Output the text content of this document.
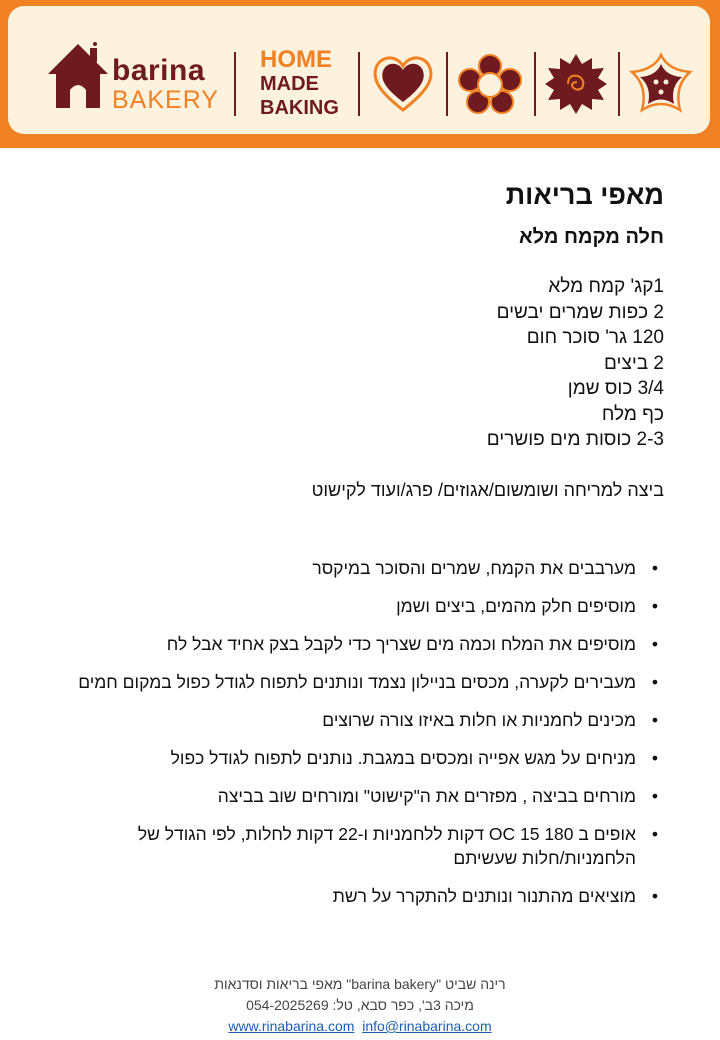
barina
BAKERY
HOME
MADE
BAKING
מאפי בריאות
חלה מקמח מלא
1קג' קמח מלא
2 כפות שמרים יבשים
120 גר' סוכר חום
2 ביצים
3/4 כוס שמן
כף מלח
2-3 כוסות מים פושרים
ביצה למריחה ושומשום/אגוזים/ פרג/ועוד לקישוט
•
מערבבים את הקמח, שמרים והסוכר במיקסר
•
מוסיפים חלק מהמים, ביצים ושמן
•
מוסיפים את המלח וכמה מים שצריך כדי לקבל בצק אחיד אבל לח
•
מעבירים לקערה, מכסים בניילון נצמד ונותנים לתפוח לגודל כפול במקום חמים
•
מכינים לחמניות או חלות באיזו צורה שרוצים
•
מניחים על מגש אפייה ומכסים במגבת. נותנים לתפוח לגודל כפול
•
מורחים בביצה , מפזרים את ה"קישוט" ומורחים שוב בביצה
•
אופים ב 180 OC 15 דקות ללחמניות ו-22 דקות לחלות, לפי הגודל של הלחמניות/חלות שעשיתם
•
מוציאים מהתנור ונותנים להתקרר על רשת
רינה שביט "barina bakery" מאפי בריאות וסדנאות
מיכה 3ב', כפר סבא, טל: 054-2025269
www.rinabarina.com info@rinabarina.com
